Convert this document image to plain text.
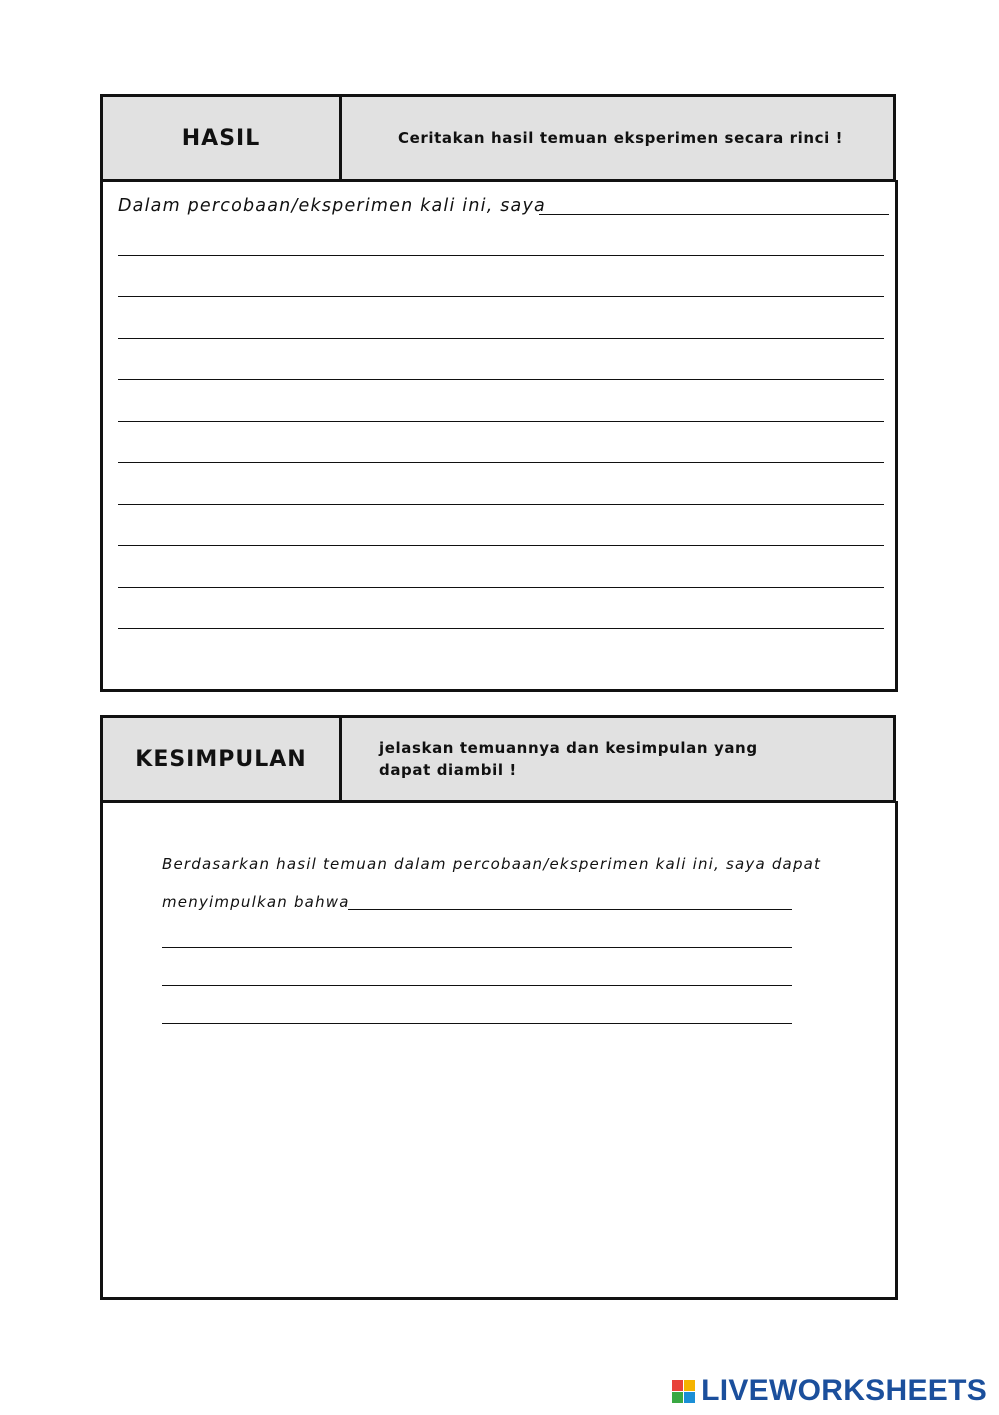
HASIL	Ceritakan hasil temuan eksperimen secara rinci !
Dalam percobaan/eksperimen kali ini, saya
KESIMPULAN	jelaskan temuannya dan kesimpulan yang dapat diambil !
Berdasarkan hasil temuan dalam percobaan/eksperimen kali ini, saya dapat
menyimpulkan bahwa
LIVEWORKSHEETS
